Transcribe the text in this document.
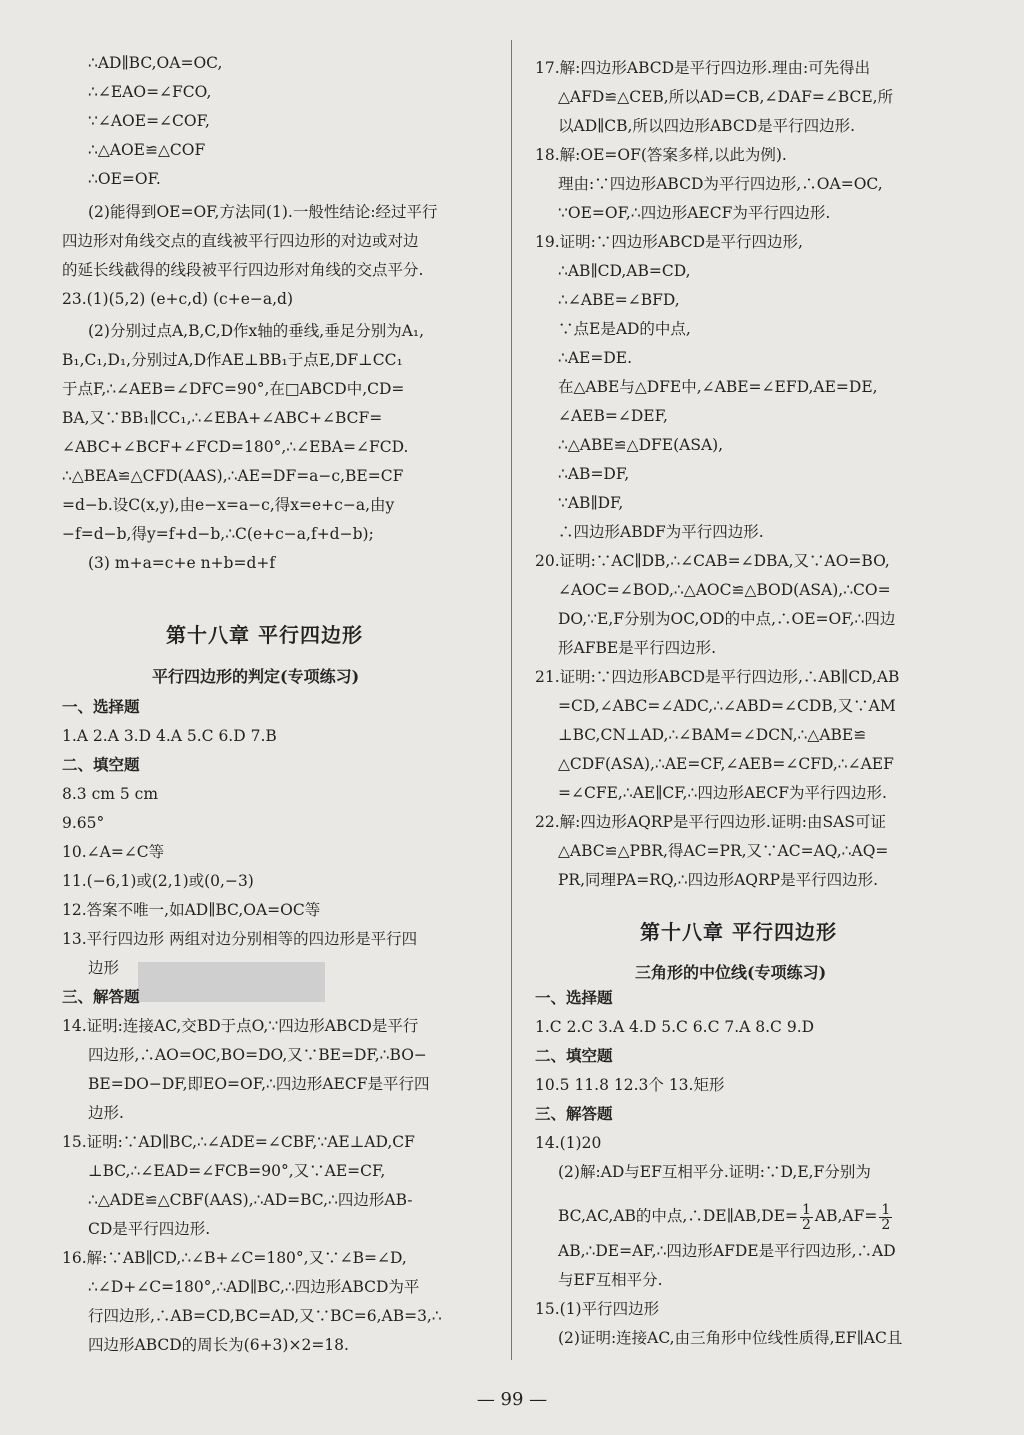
第十八章 平行四边形
平行四边形的判定(专项练习)
第十八章 平行四边形
三角形的中位线(专项练习)
BC,AC,AB的中点,∴DE∥AB,DE= $\frac{1}{2} AB,AF= \frac{1}{2}$
— 99 —
∴AD∥BC,OA=OC,
∴∠EAO=∠FCO,
∵∠AOE=∠COF,
∴△AOE≌△COF
∴OE=OF.
(2)能得到OE=OF,方法同(1).一般性结论:经过平行
四边形对角线交点的直线被平行四边形的对边或对边
的延长线截得的线段被平行四边形对角线的交点平分.
23.(1)(5,2) (e+c,d) (c+e−a,d)
(2)分别过点A,B,C,D作x轴的垂线,垂足分别为A₁,
B₁,C₁,D₁,分别过A,D作AE⊥BB₁于点E,DF⊥CC₁
于点F,∴∠AEB=∠DFC=90°,在□ABCD中,CD=
BA,又∵BB₁∥CC₁,∴∠EBA+∠ABC+∠BCF=
∠ABC+∠BCF+∠FCD=180°,∴∠EBA=∠FCD.
∴△BEA≌△CFD(AAS),∴AE=DF=a−c,BE=CF
=d−b.设C(x,y),由e−x=a−c,得x=e+c−a,由y
−f=d−b,得y=f+d−b,∴C(e+c−a,f+d−b);
(3) m+a=c+e n+b=d+f
一、选择题
1.A 2.A 3.D 4.A 5.C 6.D 7.B
二、填空题
8.3 cm 5 cm
9.65°
10.∠A=∠C等
11.(−6,1)或(2,1)或(0,−3)
12.答案不唯一,如AD∥BC,OA=OC等
13.平行四边形 两组对边分别相等的四边形是平行四
边形
三、解答题
14.证明:连接AC,交BD于点O,∵四边形ABCD是平行
四边形,∴AO=OC,BO=DO,又∵BE=DF,∴BO−
BE=DO−DF,即EO=OF,∴四边形AECF是平行四
边形.
15.证明:∵AD∥BC,∴∠ADE=∠CBF,∵AE⊥AD,CF
⊥BC,∴∠EAD=∠FCB=90°,又∵AE=CF,
∴△ADE≌△CBF(AAS),∴AD=BC,∴四边形AB-
CD是平行四边形.
16.解:∵AB∥CD,∴∠B+∠C=180°,又∵∠B=∠D,
∴∠D+∠C=180°,∴AD∥BC,∴四边形ABCD为平
行四边形,∴AB=CD,BC=AD,又∵BC=6,AB=3,∴
四边形ABCD的周长为(6+3)×2=18.
17.解:四边形ABCD是平行四边形.理由:可先得出
△AFD≌△CEB,所以AD=CB,∠DAF=∠BCE,所
以AD∥CB,所以四边形ABCD是平行四边形.
18.解:OE=OF(答案多样,以此为例).
理由:∵四边形ABCD为平行四边形,∴OA=OC,
∵OE=OF,∴四边形AECF为平行四边形.
19.证明:∵四边形ABCD是平行四边形,
∴AB∥CD,AB=CD,
∴∠ABE=∠BFD,
∵点E是AD的中点,
∴AE=DE.
在△ABE与△DFE中,∠ABE=∠EFD,AE=DE,
∠AEB=∠DEF,
∴△ABE≌△DFE(ASA),
∴AB=DF,
∵AB∥DF,
∴四边形ABDF为平行四边形.
20.证明:∵AC∥DB,∴∠CAB=∠DBA,又∵AO=BO,
∠AOC=∠BOD,∴△AOC≌△BOD(ASA),∴CO=
DO,∵E,F分别为OC,OD的中点,∴OE=OF,∴四边
形AFBE是平行四边形.
21.证明:∵四边形ABCD是平行四边形,∴AB∥CD,AB
=CD,∠ABC=∠ADC,∴∠ABD=∠CDB,又∵AM
⊥BC,CN⊥AD,∴∠BAM=∠DCN,∴△ABE≌
△CDF(ASA),∴AE=CF,∠AEB=∠CFD,∴∠AEF
=∠CFE,∴AE∥CF,∴四边形AECF为平行四边形.
22.解:四边形AQRP是平行四边形.证明:由SAS可证
△ABC≌△PBR,得AC=PR,又∵AC=AQ,∴AQ=
PR,同理PA=RQ,∴四边形AQRP是平行四边形.
一、选择题
1.C 2.C 3.A 4.D 5.C 6.C 7.A 8.C 9.D
二、填空题
10.5 11.8 12.3个 13.矩形
三、解答题
14.(1)20
(2)解:AD与EF互相平分.证明:∵D,E,F分别为
AB,∴DE=AF,∴四边形AFDE是平行四边形,∴AD
与EF互相平分.
15.(1)平行四边形
(2)证明:连接AC,由三角形中位线性质得,EF∥AC且
